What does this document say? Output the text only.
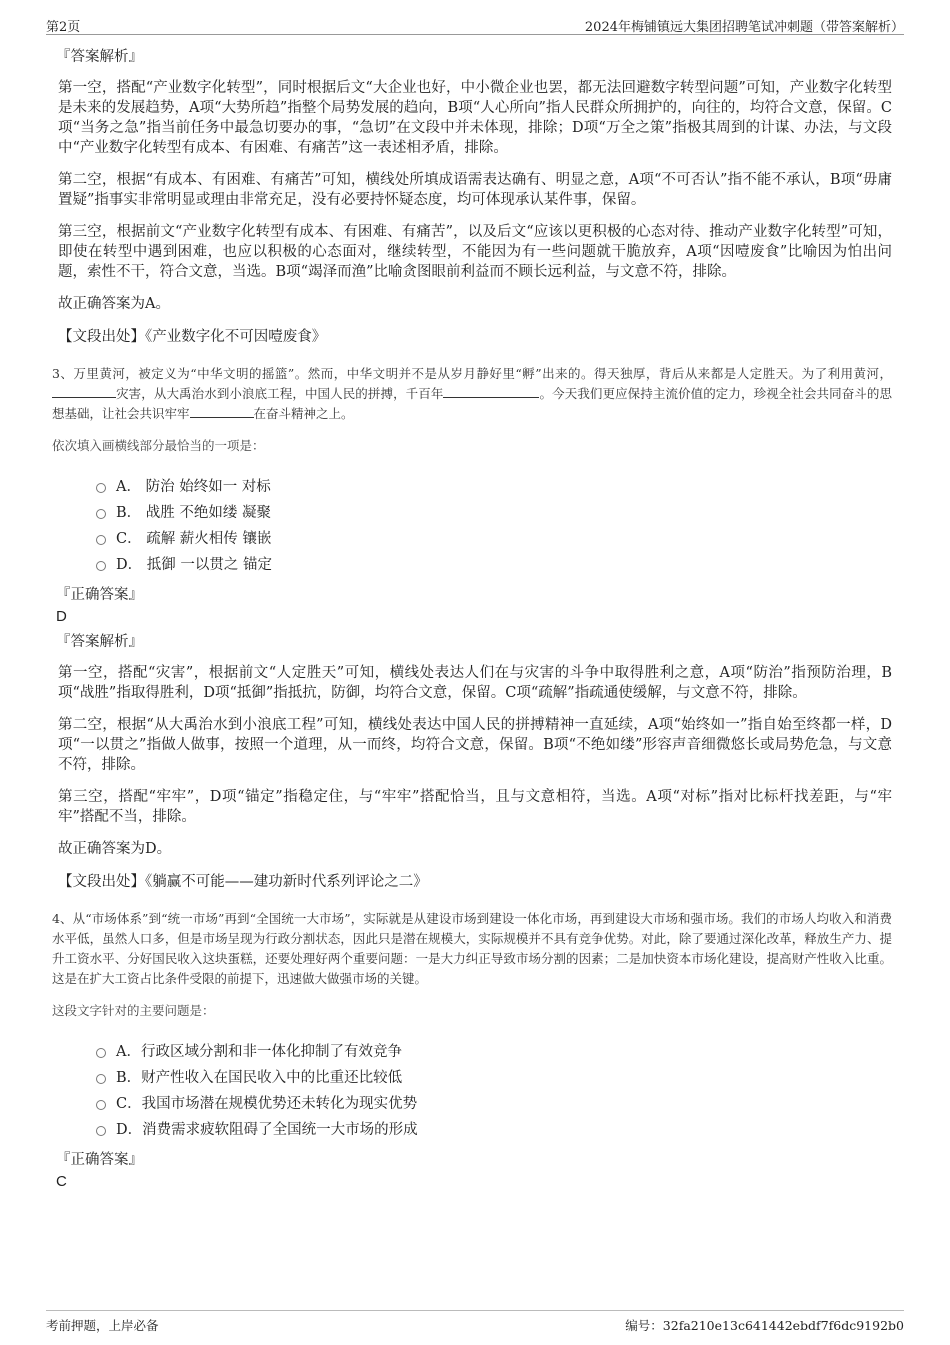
第2页	2024年梅铺镇远大集团招聘笔试冲刺题（带答案解析）
『答案解析』

第一空，搭配“产业数字化转型”，同时根据后文“大企业也好，中小微企业也罢，都无法回避数字转型问题”可知，产业数字化转型是未来的发展趋势，A项“大势所趋”指整个局势发展的趋向，B项“人心所向”指人民群众所拥护的，向往的，均符合文意，保留。C项“当务之急”指当前任务中最急切要办的事，“急切”在文段中并未体现，排除；D项“万全之策”指极其周到的计谋、办法，与文段中“产业数字化转型有成本、有困难、有痛苦”这一表述相矛盾，排除。

第二空，根据“有成本、有困难、有痛苦”可知，横线处所填成语需表达确有、明显之意，A项“不可否认”指不能不承认，B项“毋庸置疑”指事实非常明显或理由非常充足，没有必要持怀疑态度，均可体现承认某件事，保留。

第三空，根据前文“产业数字化转型有成本、有困难、有痛苦”，以及后文“应该以更积极的心态对待、推动产业数字化转型”可知，即使在转型中遇到困难，也应以积极的心态面对，继续转型，不能因为有一些问题就干脆放弃，A项“因噎废食”比喻因为怕出问题，索性不干，符合文意，当选。B项“竭泽而渔”比喻贪图眼前利益而不顾长远利益，与文意不符，排除。

故正确答案为A。

【文段出处】《产业数字化不可因噎废食》
3、万里黄河，被定义为“中华文明的摇篮”。然而，中华文明并不是从岁月静好里“孵”出来的。得天独厚，背后从来都是人定胜天。为了利用黄河，灾害，从大禹治水到小浪底工程，中国人民的拼搏，千百年	。今天我们更应保持主流价值的定力，珍视全社会共同奋斗的思想基础，让社会共识牢牢	在奋斗精神之上。
依次填入画横线部分最恰当的一项是：
A． 防治 始终如一 对标
B． 战胜 不绝如缕 凝聚
C． 疏解 薪火相传 镶嵌
D． 抵御 一以贯之 锚定
『正确答案』
D
『答案解析』

第一空，搭配“灾害”，根据前文“人定胜天”可知，横线处表达人们在与灾害的斗争中取得胜利之意，A项“防治”指预防治理，B项“战胜”指取得胜利，D项“抵御”指抵抗，防御，均符合文意，保留。C项“疏解”指疏通使缓解，与文意不符，排除。

第二空，根据“从大禹治水到小浪底工程”可知，横线处表达中国人民的拼搏精神一直延续，A项“始终如一”指自始至终都一样，D项“一以贯之”指做人做事，按照一个道理，从一而终，均符合文意，保留。B项“不绝如缕”形容声音细微悠长或局势危急，与文意不符，排除。

第三空，搭配“牢牢”，D项“锚定”指稳定住，与“牢牢”搭配恰当，且与文意相符，当选。A项“对标”指对比标杆找差距，与“牢牢”搭配不当，排除。

故正确答案为D。

【文段出处】《躺赢不可能——建功新时代系列评论之二》
4、从“市场体系”到“统一市场”再到“全国统一大市场”，实际就是从建设市场到建设一体化市场，再到建设大市场和强市场。我们的市场人均收入和消费水平低，虽然人口多，但是市场呈现为行政分割状态，因此只是潜在规模大，实际规模并不具有竞争优势。对此，除了要通过深化改革，释放生产力、提升工资水平、分好国民收入这块蛋糕，还要处理好两个重要问题：一是大力纠正导致市场分割的因素；二是加快资本市场化建设，提高财产性收入比重。这是在扩大工资占比条件受限的前提下，迅速做大做强市场的关键。
这段文字针对的主要问题是：
A．行政区域分割和非一体化抑制了有效竞争
B．财产性收入在国民收入中的比重还比较低
C．我国市场潜在规模优势还未转化为现实优势
D．消费需求疲软阻碍了全国统一大市场的形成
『正确答案』
C
考前押题，上岸必备	编号：32fa210e13c641442ebdf7f6dc9192b0
